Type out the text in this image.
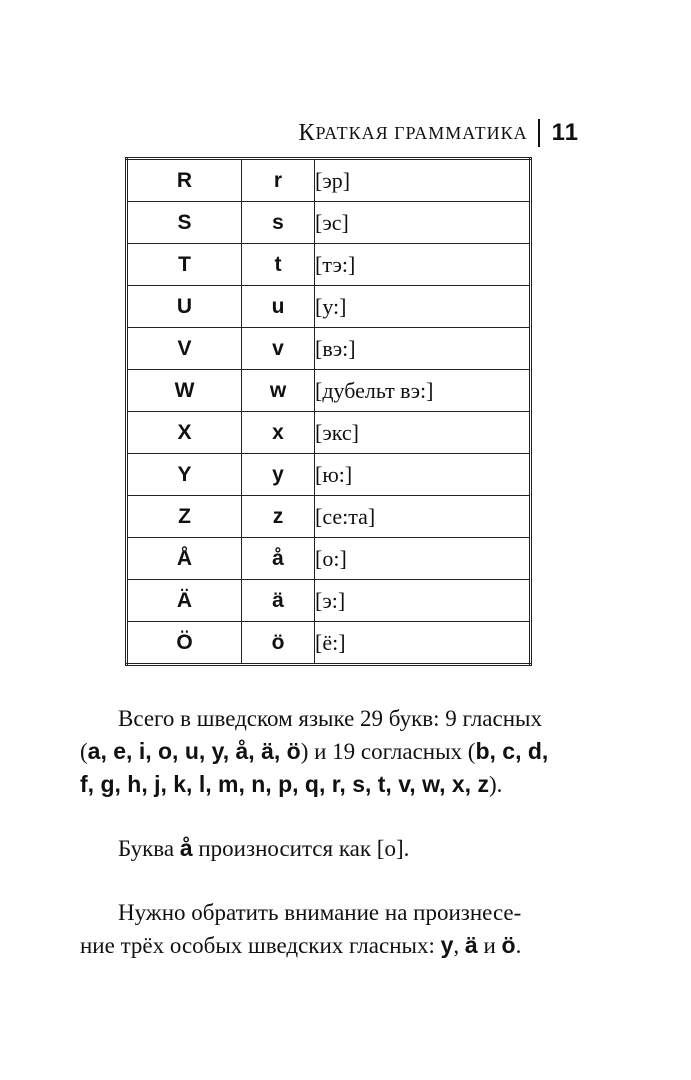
К РАТКАЯ ГРАММАТИКА 11
R	r	[эр]
S	s	[эс]
T	t	[тэ:]
U	u	[у:]
V	v	[вэ:]
W	w	[дубельт вэ:]
X	x	[экс]
Y	y	[ю:]
Z	z	[се:та]
Å	å	[о:]
Ä	ä	[э:]
Ö	ö	[ё:]

Всего в шведском языке 29 букв: 9 гласных
(a, e, i, o, u, y, å, ä, ö) и 19 согласных (b, c, d,
f, g, h, j, k, l, m, n, p, q, r, s, t, v, w, x, z).

Буква å произносится как [о].

Нужно обратить внимание на произнесе-
ние трёх особых шведских гласных: y, ä и ö.
